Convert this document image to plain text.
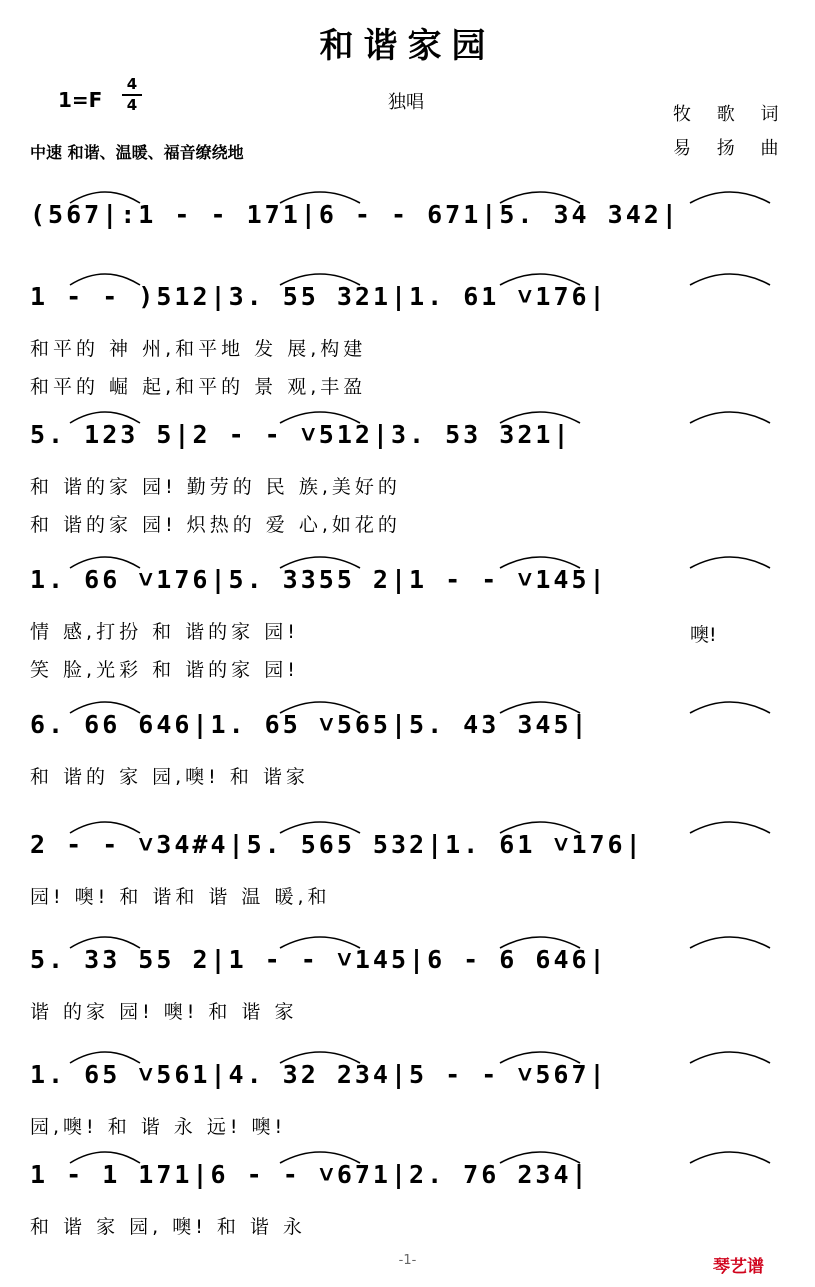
和谐家园
1=F
4
4	独唱
中速 和谐、温暖、福音缭绕地
牧 歌 词
易 扬 曲
(567|:1 - - 171|6 - - 671|5. 34 342|
1 - - )512|3. 55 321|1. 61 ˅176|
和平的 神 州,和平地 发 展,构建
和平的 崛 起,和平的 景 观,丰盈
5. 123 5|2 - - ˅512|3. 53 321|
和 谐的家 园! 勤劳的 民 族,美好的
和 谐的家 园! 炽热的 爱 心,如花的
1. 66 ˅176|5. 3355 2|1 - - ˅145|
情 感,打扮 和 谐的家 园!
笑 脸,光彩 和 谐的家 园!
6. 66 646|1. 65 ˅565|5. 43 345|
和 谐的 家 园,噢! 和 谐家
2 - - ˅34#4|5. 565 532|1. 61 ˅176|
园! 噢! 和 谐和 谐 温 暖,和
5. 33 55 2|1 - - ˅145|6 - 6 646|
谐 的家 园! 噢! 和 谐 家
1. 65 ˅561|4. 32 234|5 - - ˅567|
园,噢! 和 谐 永 远! 噢!
1 - 1 171|6 - - ˅671|2. 76 234|
和 谐 家 园, 噢! 和 谐 永
噢!
-1-	琴艺谱
